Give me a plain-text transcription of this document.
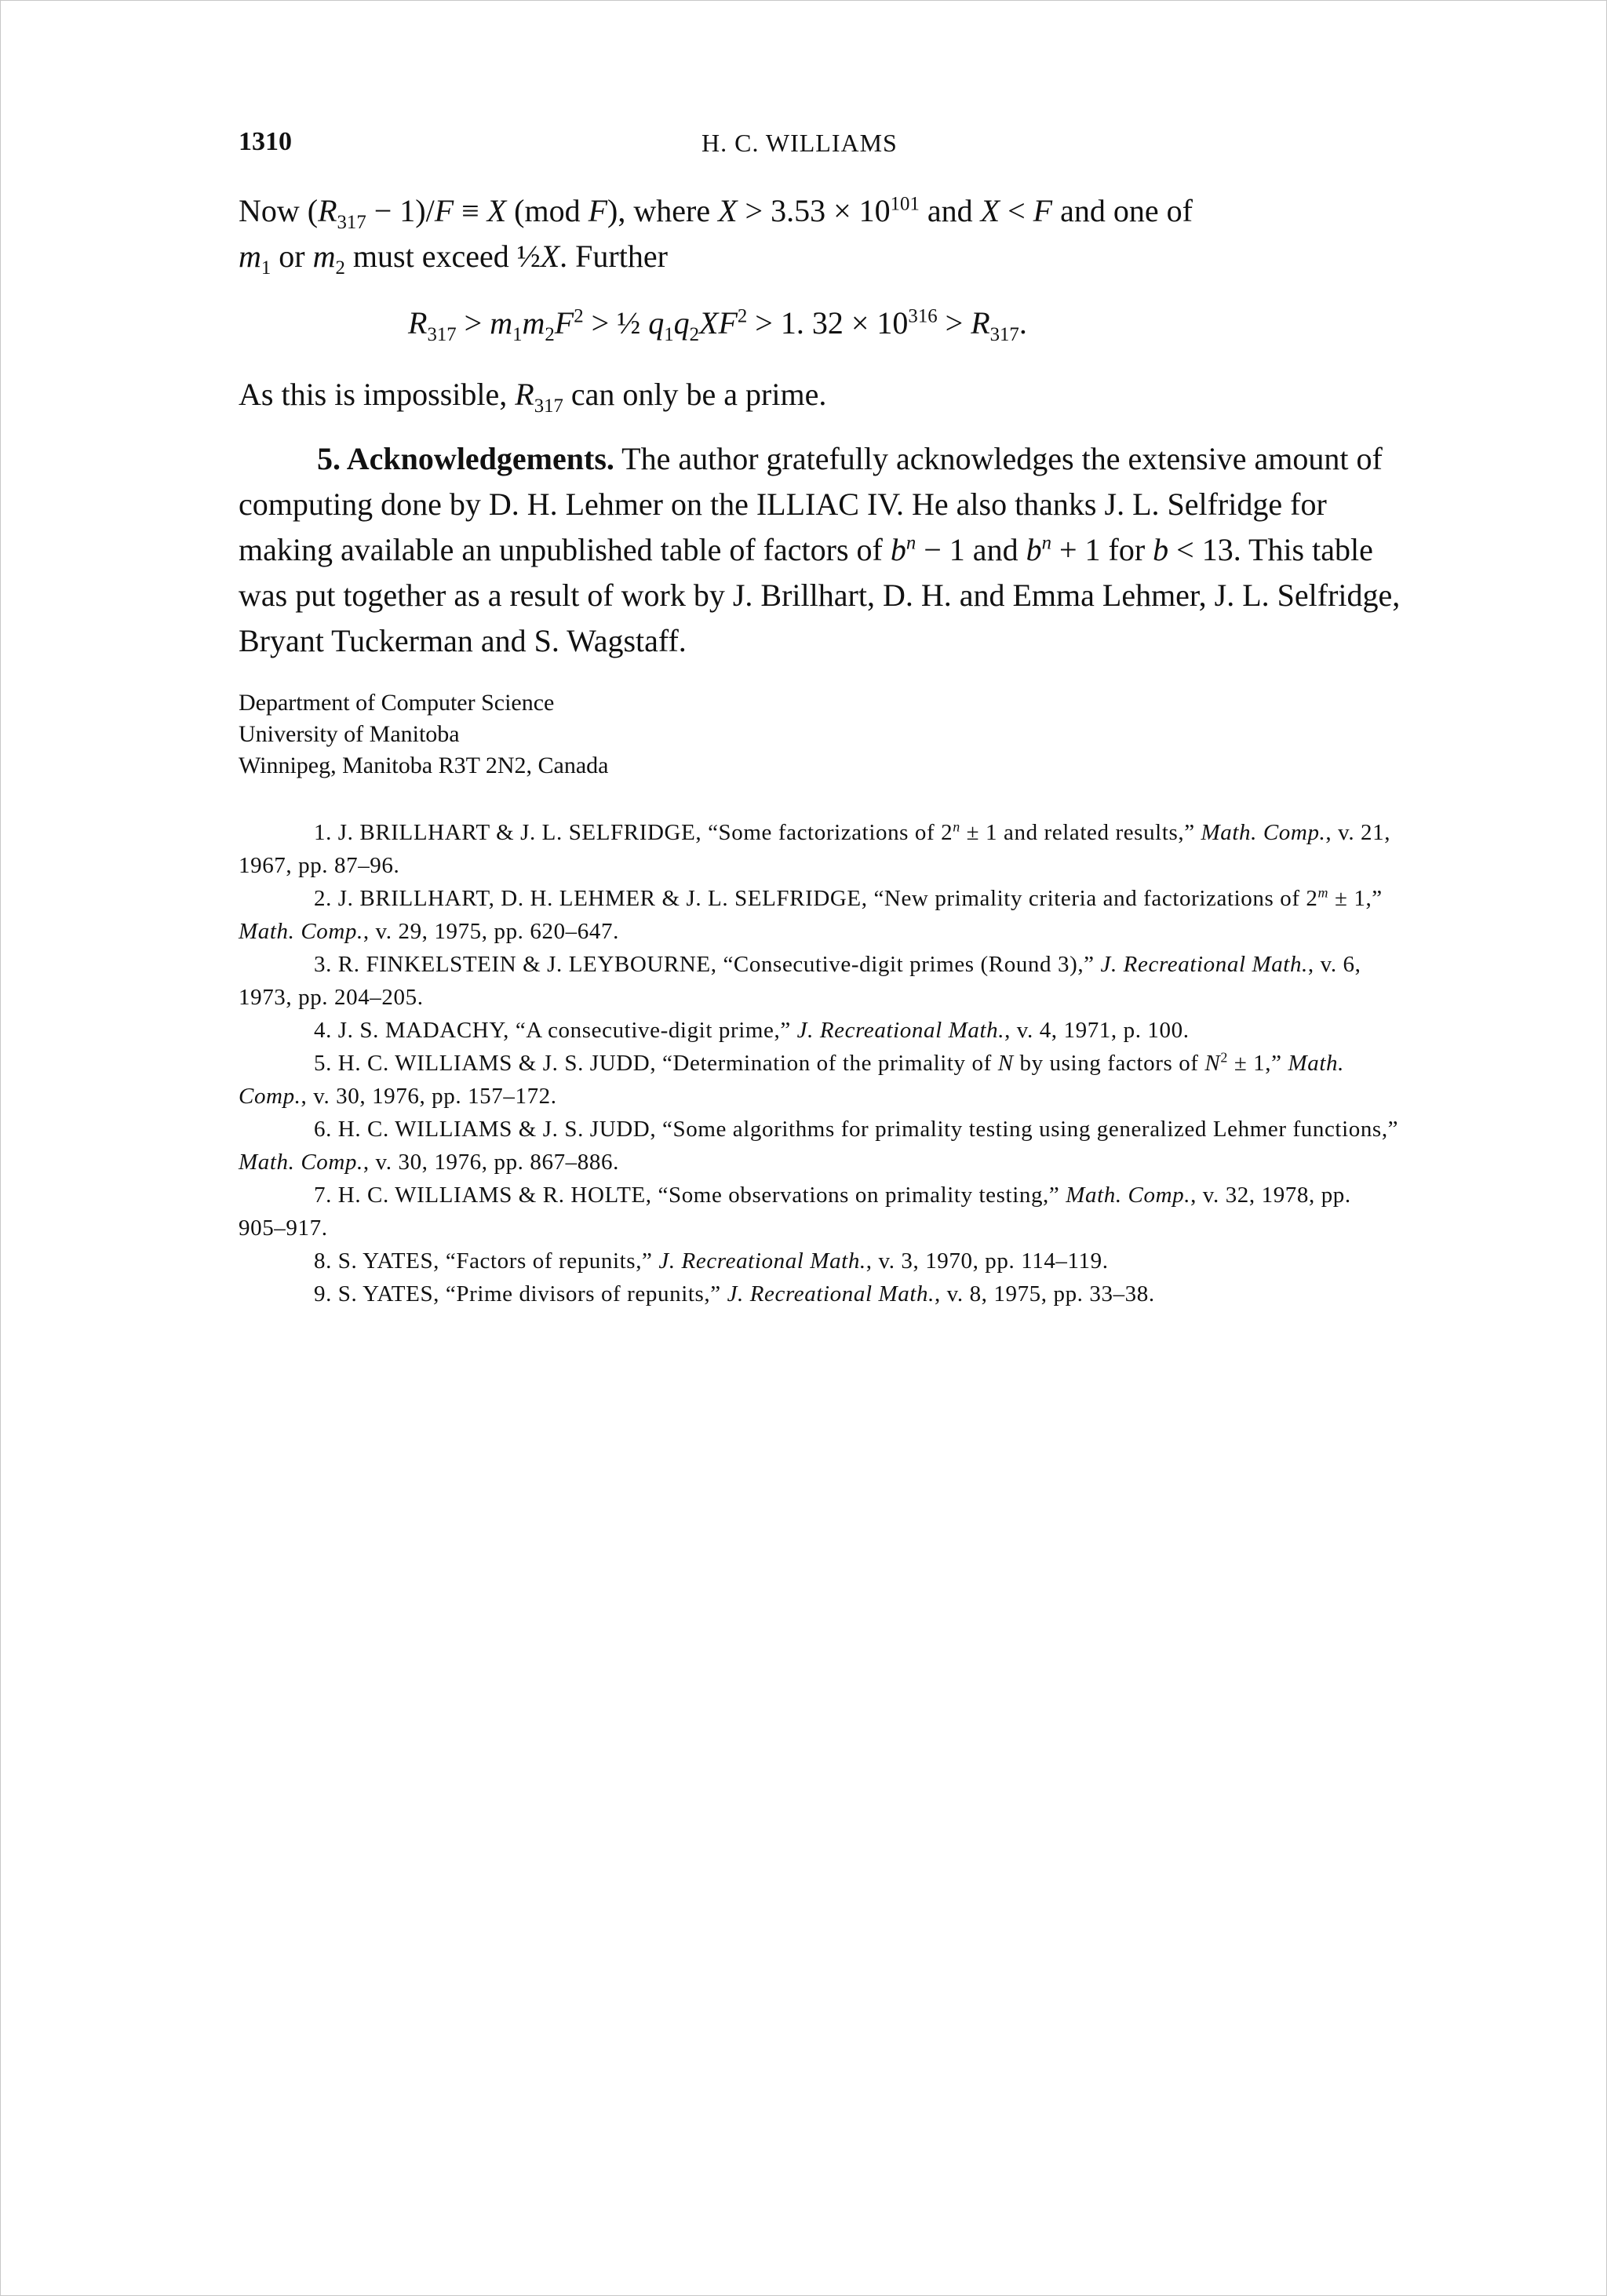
1310	H. C. WILLIAMS

Now $(R_{317} - 1)/F \equiv X$ (mod F), where $X > 3.53 \times 10^{101}$ and X < F and one of

$m_1$ or $m_2$ must exceed ½X. Further

$R_{317} > m_1m_2F^2$ > ½ $q_1q_2XF^2 > 1$. $32 \times 10^{316} > R_{317}$.

As this is impossible, $R_{317}$ can only be a prime.

5. Acknowledgements. The author gratefully acknowledges the extensive amount of computing done by D. H. Lehmer on the ILLIAC IV. He also thanks J. L. Selfridge for making available an unpublished table of factors of $b^n - 1$ and $b^n + 1$ for b < 13. This table was put together as a result of work by J. Brillhart, D. H. and Emma Lehmer, J. L. Selfridge, Bryant Tuckerman and S. Wagstaff.

Department of Computer Science
University of Manitoba
Winnipeg, Manitoba R3T 2N2, Canada

1. J. BRILLHART & J. L. SELFRIDGE, “Some factorizations of $2^n \pm 1$ and related results,” Math. Comp., v. 21, 1967, pp. 87–96.

2. J. BRILLHART, D. H. LEHMER & J. L. SELFRIDGE, “New primality criteria and factorizations of $2^m \pm 1$,” Math. Comp., v. 29, 1975, pp. 620–647.

3. R. FINKELSTEIN & J. LEYBOURNE, “Consecutive-digit primes (Round 3),” J. Recreational Math., v. 6, 1973, pp. 204–205.

4. J. S. MADACHY, “A consecutive-digit prime,” J. Recreational Math., v. 4, 1971, p. 100.

5. H. C. WILLIAMS & J. S. JUDD, “Determination of the primality of N by using factors of $N^2 \pm 1$,” Math. Comp., v. 30, 1976, pp. 157–172.

6. H. C. WILLIAMS & J. S. JUDD, “Some algorithms for primality testing using generalized Lehmer functions,” Math. Comp., v. 30, 1976, pp. 867–886.

7. H. C. WILLIAMS & R. HOLTE, “Some observations on primality testing,” Math. Comp., v. 32, 1978, pp. 905–917.

8. S. YATES, “Factors of repunits,” J. Recreational Math., v. 3, 1970, pp. 114–119.

9. S. YATES, “Prime divisors of repunits,” J. Recreational Math., v. 8, 1975, pp. 33–38.
